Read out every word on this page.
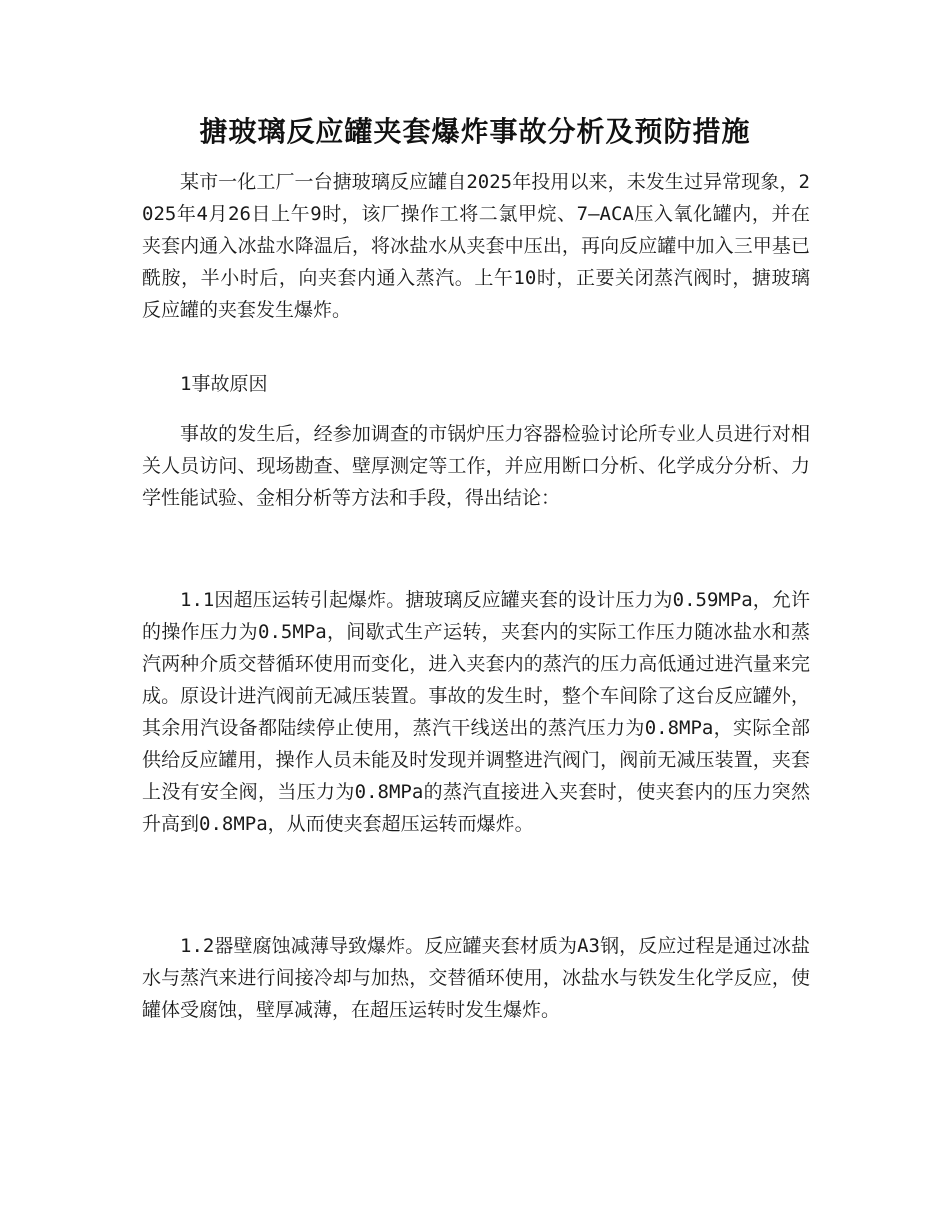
搪玻璃反应罐夹套爆炸事故分析及预防措施

某市一化工厂一台搪玻璃反应罐自2025年投用以来，未发生过异常现象，2025年4月26日上午9时，该厂操作工将二氯甲烷、7—ACA压入氧化罐内，并在夹套内通入冰盐水降温后，将冰盐水从夹套中压出，再向反应罐中加入三甲基已酰胺，半小时后，向夹套内通入蒸汽。上午10时，正要关闭蒸汽阀时，搪玻璃反应罐的夹套发生爆炸。

1事故原因

事故的发生后，经参加调查的市锅炉压力容器检验讨论所专业人员进行对相关人员访问、现场勘查、壁厚测定等工作，并应用断口分析、化学成分分析、力学性能试验、金相分析等方法和手段，得出结论：

1.1因超压运转引起爆炸。搪玻璃反应罐夹套的设计压力为0.59MPa，允许的操作压力为0.5MPa，间歇式生产运转，夹套内的实际工作压力随冰盐水和蒸汽两种介质交替循环使用而变化，进入夹套内的蒸汽的压力高低通过进汽量来完成。原设计进汽阀前无减压装置。事故的发生时，整个车间除了这台反应罐外，其余用汽设备都陆续停止使用，蒸汽干线送出的蒸汽压力为0.8MPa，实际全部供给反应罐用，操作人员未能及时发现并调整进汽阀门，阀前无减压装置，夹套上没有安全阀，当压力为0.8MPa的蒸汽直接进入夹套时，使夹套内的压力突然升高到0.8MPa，从而使夹套超压运转而爆炸。

1.2器壁腐蚀减薄导致爆炸。反应罐夹套材质为A3钢，反应过程是通过冰盐水与蒸汽来进行间接冷却与加热，交替循环使用，冰盐水与铁发生化学反应，使罐体受腐蚀，壁厚减薄，在超压运转时发生爆炸。
